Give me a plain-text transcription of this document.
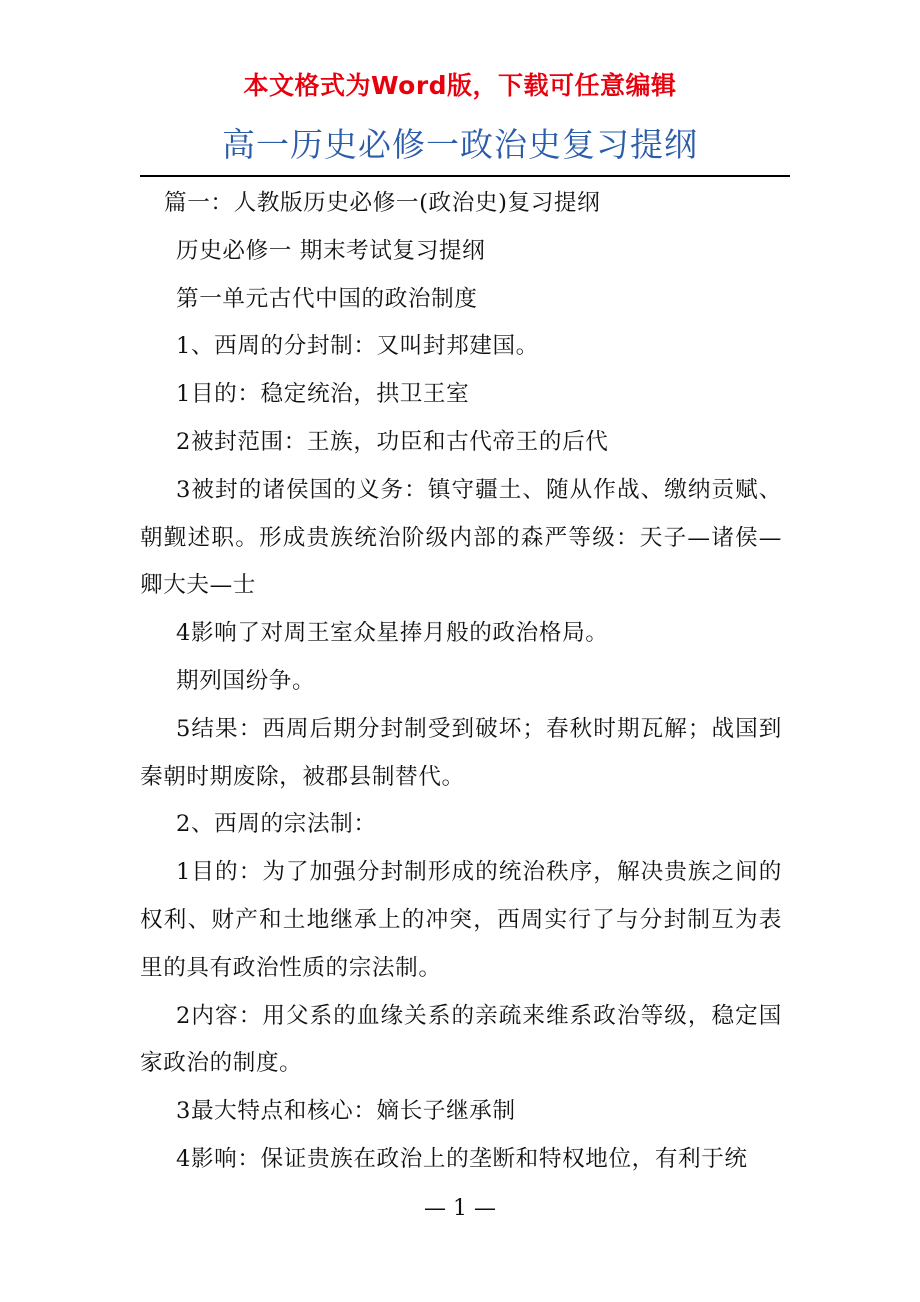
本文格式为Word版，下载可任意编辑
高一历史必修一政治史复习提纲

篇一：人教版历史必修一(政治史)复习提纲

历史必修一 期末考试复习提纲

第一单元古代中国的政治制度

1、西周的分封制：又叫封邦建国。

1目的：稳定统治，拱卫王室

2被封范围：王族，功臣和古代帝王的后代

3被封的诸侯国的义务：镇守疆土、随从作战、缴纳贡赋、朝觐述职。形成贵族统治阶级内部的森严等级：天子—诸侯—卿大夫—士

4影响了对周王室众星捧月般的政治格局。

期列国纷争。

5结果：西周后期分封制受到破坏；春秋时期瓦解；战国到秦朝时期废除，被郡县制替代。

2、西周的宗法制：

1目的：为了加强分封制形成的统治秩序，解决贵族之间的权利、财产和土地继承上的冲突，西周实行了与分封制互为表里的具有政治性质的宗法制。

2内容：用父系的血缘关系的亲疏来维系政治等级，稳定国家政治的制度。

3最大特点和核心：嫡长子继承制

4影响：保证贵族在政治上的垄断和特权地位，有利于统

— 1 —
